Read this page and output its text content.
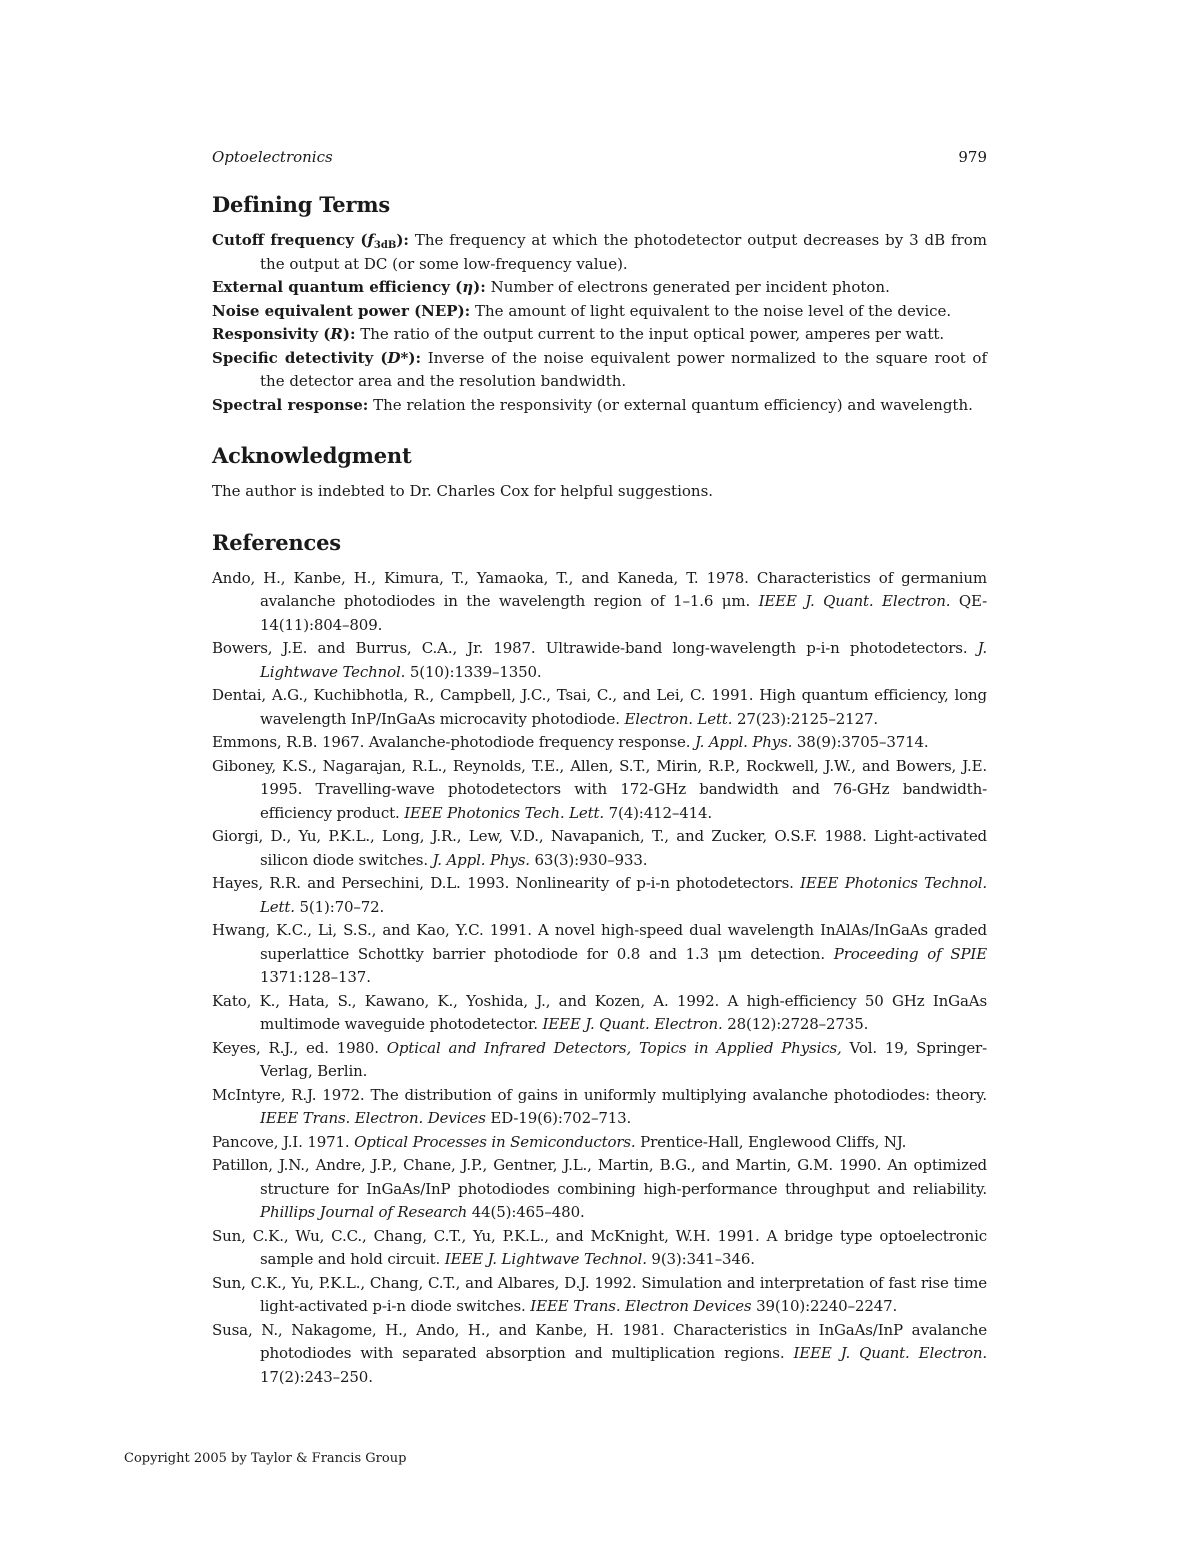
Optoelectronics	979
Defining Terms

Cutoff frequency $(f_{3dB})$: The frequency at which the photodetector output decreases by 3 dB from the output at DC (or some low-frequency value).

External quantum efficiency (η): Number of electrons generated per incident photon.

Noise equivalent power (NEP): The amount of light equivalent to the noise level of the device.

Responsivity (R): The ratio of the output current to the input optical power, amperes per watt.

Specific detectivity (D*): Inverse of the noise equivalent power normalized to the square root of the detector area and the resolution bandwidth.

Spectral response: The relation the responsivity (or external quantum efficiency) and wavelength.

Acknowledgment

The author is indebted to Dr. Charles Cox for helpful suggestions.

References

Ando, H., Kanbe, H., Kimura, T., Yamaoka, T., and Kaneda, T. 1978. Characteristics of germanium avalanche photodiodes in the wavelength region of 1–1.6 μm. IEEE J. Quant. Electron. QE-14(11):804–809.

Bowers, J.E. and Burrus, C.A., Jr. 1987. Ultrawide-band long-wavelength p-i-n photodetectors. J. Lightwave Technol. 5(10):1339–1350.

Dentai, A.G., Kuchibhotla, R., Campbell, J.C., Tsai, C., and Lei, C. 1991. High quantum efficiency, long wavelength InP/InGaAs microcavity photodiode. Electron. Lett. 27(23):2125–2127.

Emmons, R.B. 1967. Avalanche-photodiode frequency response. J. Appl. Phys. 38(9):3705–3714.

Giboney, K.S., Nagarajan, R.L., Reynolds, T.E., Allen, S.T., Mirin, R.P., Rockwell, J.W., and Bowers, J.E. 1995. Travelling-wave photodetectors with 172-GHz bandwidth and 76-GHz bandwidth-efficiency product. IEEE Photonics Tech. Lett. 7(4):412–414.

Giorgi, D., Yu, P.K.L., Long, J.R., Lew, V.D., Navapanich, T., and Zucker, O.S.F. 1988. Light-activated silicon diode switches. J. Appl. Phys. 63(3):930–933.

Hayes, R.R. and Persechini, D.L. 1993. Nonlinearity of p-i-n photodetectors. IEEE Photonics Technol. Lett. 5(1):70–72.

Hwang, K.C., Li, S.S., and Kao, Y.C. 1991. A novel high-speed dual wavelength InAlAs/InGaAs graded superlattice Schottky barrier photodiode for 0.8 and 1.3 μm detection. Proceeding of SPIE 1371:128–137.

Kato, K., Hata, S., Kawano, K., Yoshida, J., and Kozen, A. 1992. A high-efficiency 50 GHz InGaAs multimode waveguide photodetector. IEEE J. Quant. Electron. 28(12):2728–2735.

Keyes, R.J., ed. 1980. Optical and Infrared Detectors, Topics in Applied Physics, Vol. 19, Springer-Verlag, Berlin.

McIntyre, R.J. 1972. The distribution of gains in uniformly multiplying avalanche photodiodes: theory. IEEE Trans. Electron. Devices ED-19(6):702–713.

Pancove, J.I. 1971. Optical Processes in Semiconductors. Prentice-Hall, Englewood Cliffs, NJ.

Patillon, J.N., Andre, J.P., Chane, J.P., Gentner, J.L., Martin, B.G., and Martin, G.M. 1990. An optimized structure for InGaAs/InP photodiodes combining high-performance throughput and reliability. Phillips Journal of Research 44(5):465–480.

Sun, C.K., Wu, C.C., Chang, C.T., Yu, P.K.L., and McKnight, W.H. 1991. A bridge type optoelectronic sample and hold circuit. IEEE J. Lightwave Technol. 9(3):341–346.

Sun, C.K., Yu, P.K.L., Chang, C.T., and Albares, D.J. 1992. Simulation and interpretation of fast rise time light-activated p-i-n diode switches. IEEE Trans. Electron Devices 39(10):2240–2247.

Susa, N., Nakagome, H., Ando, H., and Kanbe, H. 1981. Characteristics in InGaAs/InP avalanche photodiodes with separated absorption and multiplication regions. IEEE J. Quant. Electron. 17(2):243–250.

Copyright 2005 by Taylor & Francis Group
